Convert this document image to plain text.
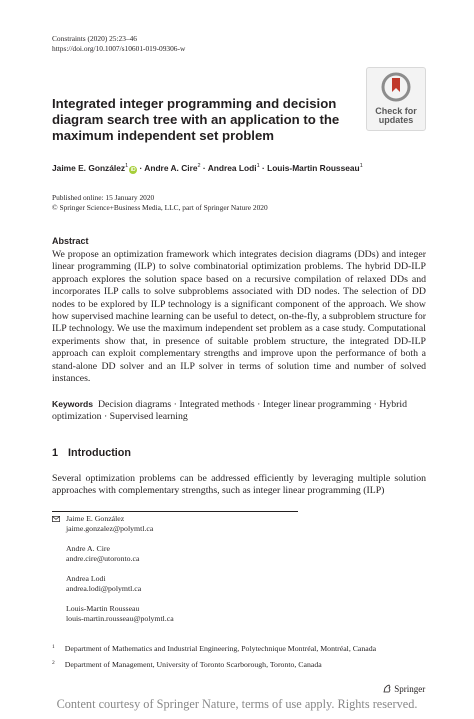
Constraints (2020) 25:23–46
https://doi.org/10.1007/s10601-019-09306-w
Check for
updates
Integrated integer programming and decision diagram search tree with an application to the maximum independent set problem
Jaime E. González$^1$iD · Andre A. Cire$^2$ · Andrea Lodi$^1$ · Louis-Martin Rousseau$^1$
Published online: 15 January 2020
© Springer Science+Business Media, LLC, part of Springer Nature 2020
Abstract
We propose an optimization framework which integrates decision diagrams (DDs) and integer linear programming (ILP) to solve combinatorial optimization problems. The hybrid DD-ILP approach explores the solution space based on a recursive compilation of relaxed DDs and incorporates ILP calls to solve subproblems associated with DD nodes. The selection of DD nodes to be explored by ILP technology is a significant component of the approach. We show how supervised machine learning can be useful to detect, on-the-fly, a subproblem structure for ILP technology. We use the maximum independent set problem as a case study. Computational experiments show that, in presence of suitable problem structure, the integrated DD-ILP approach can exploit complementary strengths and improve upon the performance of both a stand-alone DD solver and an ILP solver in terms of solution time and number of solved instances.
Keywords Decision diagrams · Integrated methods · Integer linear programming · Hybrid optimization · Supervised learning
1 Introduction
Several optimization problems can be addressed efficiently by leveraging multiple solution approaches with complementary strengths, such as integer linear programming (ILP)
Jaime E. González
jaime.gonzalez@polymtl.ca
Andre A. Cire
andre.cire@utoronto.ca
Andrea Lodi
andrea.lodi@polymtl.ca
Louis-Martin Rousseau
louis-martin.rousseau@polymtl.ca
$^1$ Department of Mathematics and Industrial Engineering, Polytechnique Montréal, Montréal, Canada
$^2$ Department of Management, University of Toronto Scarborough, Toronto, Canada
Springer
Content courtesy of Springer Nature, terms of use apply. Rights reserved.
